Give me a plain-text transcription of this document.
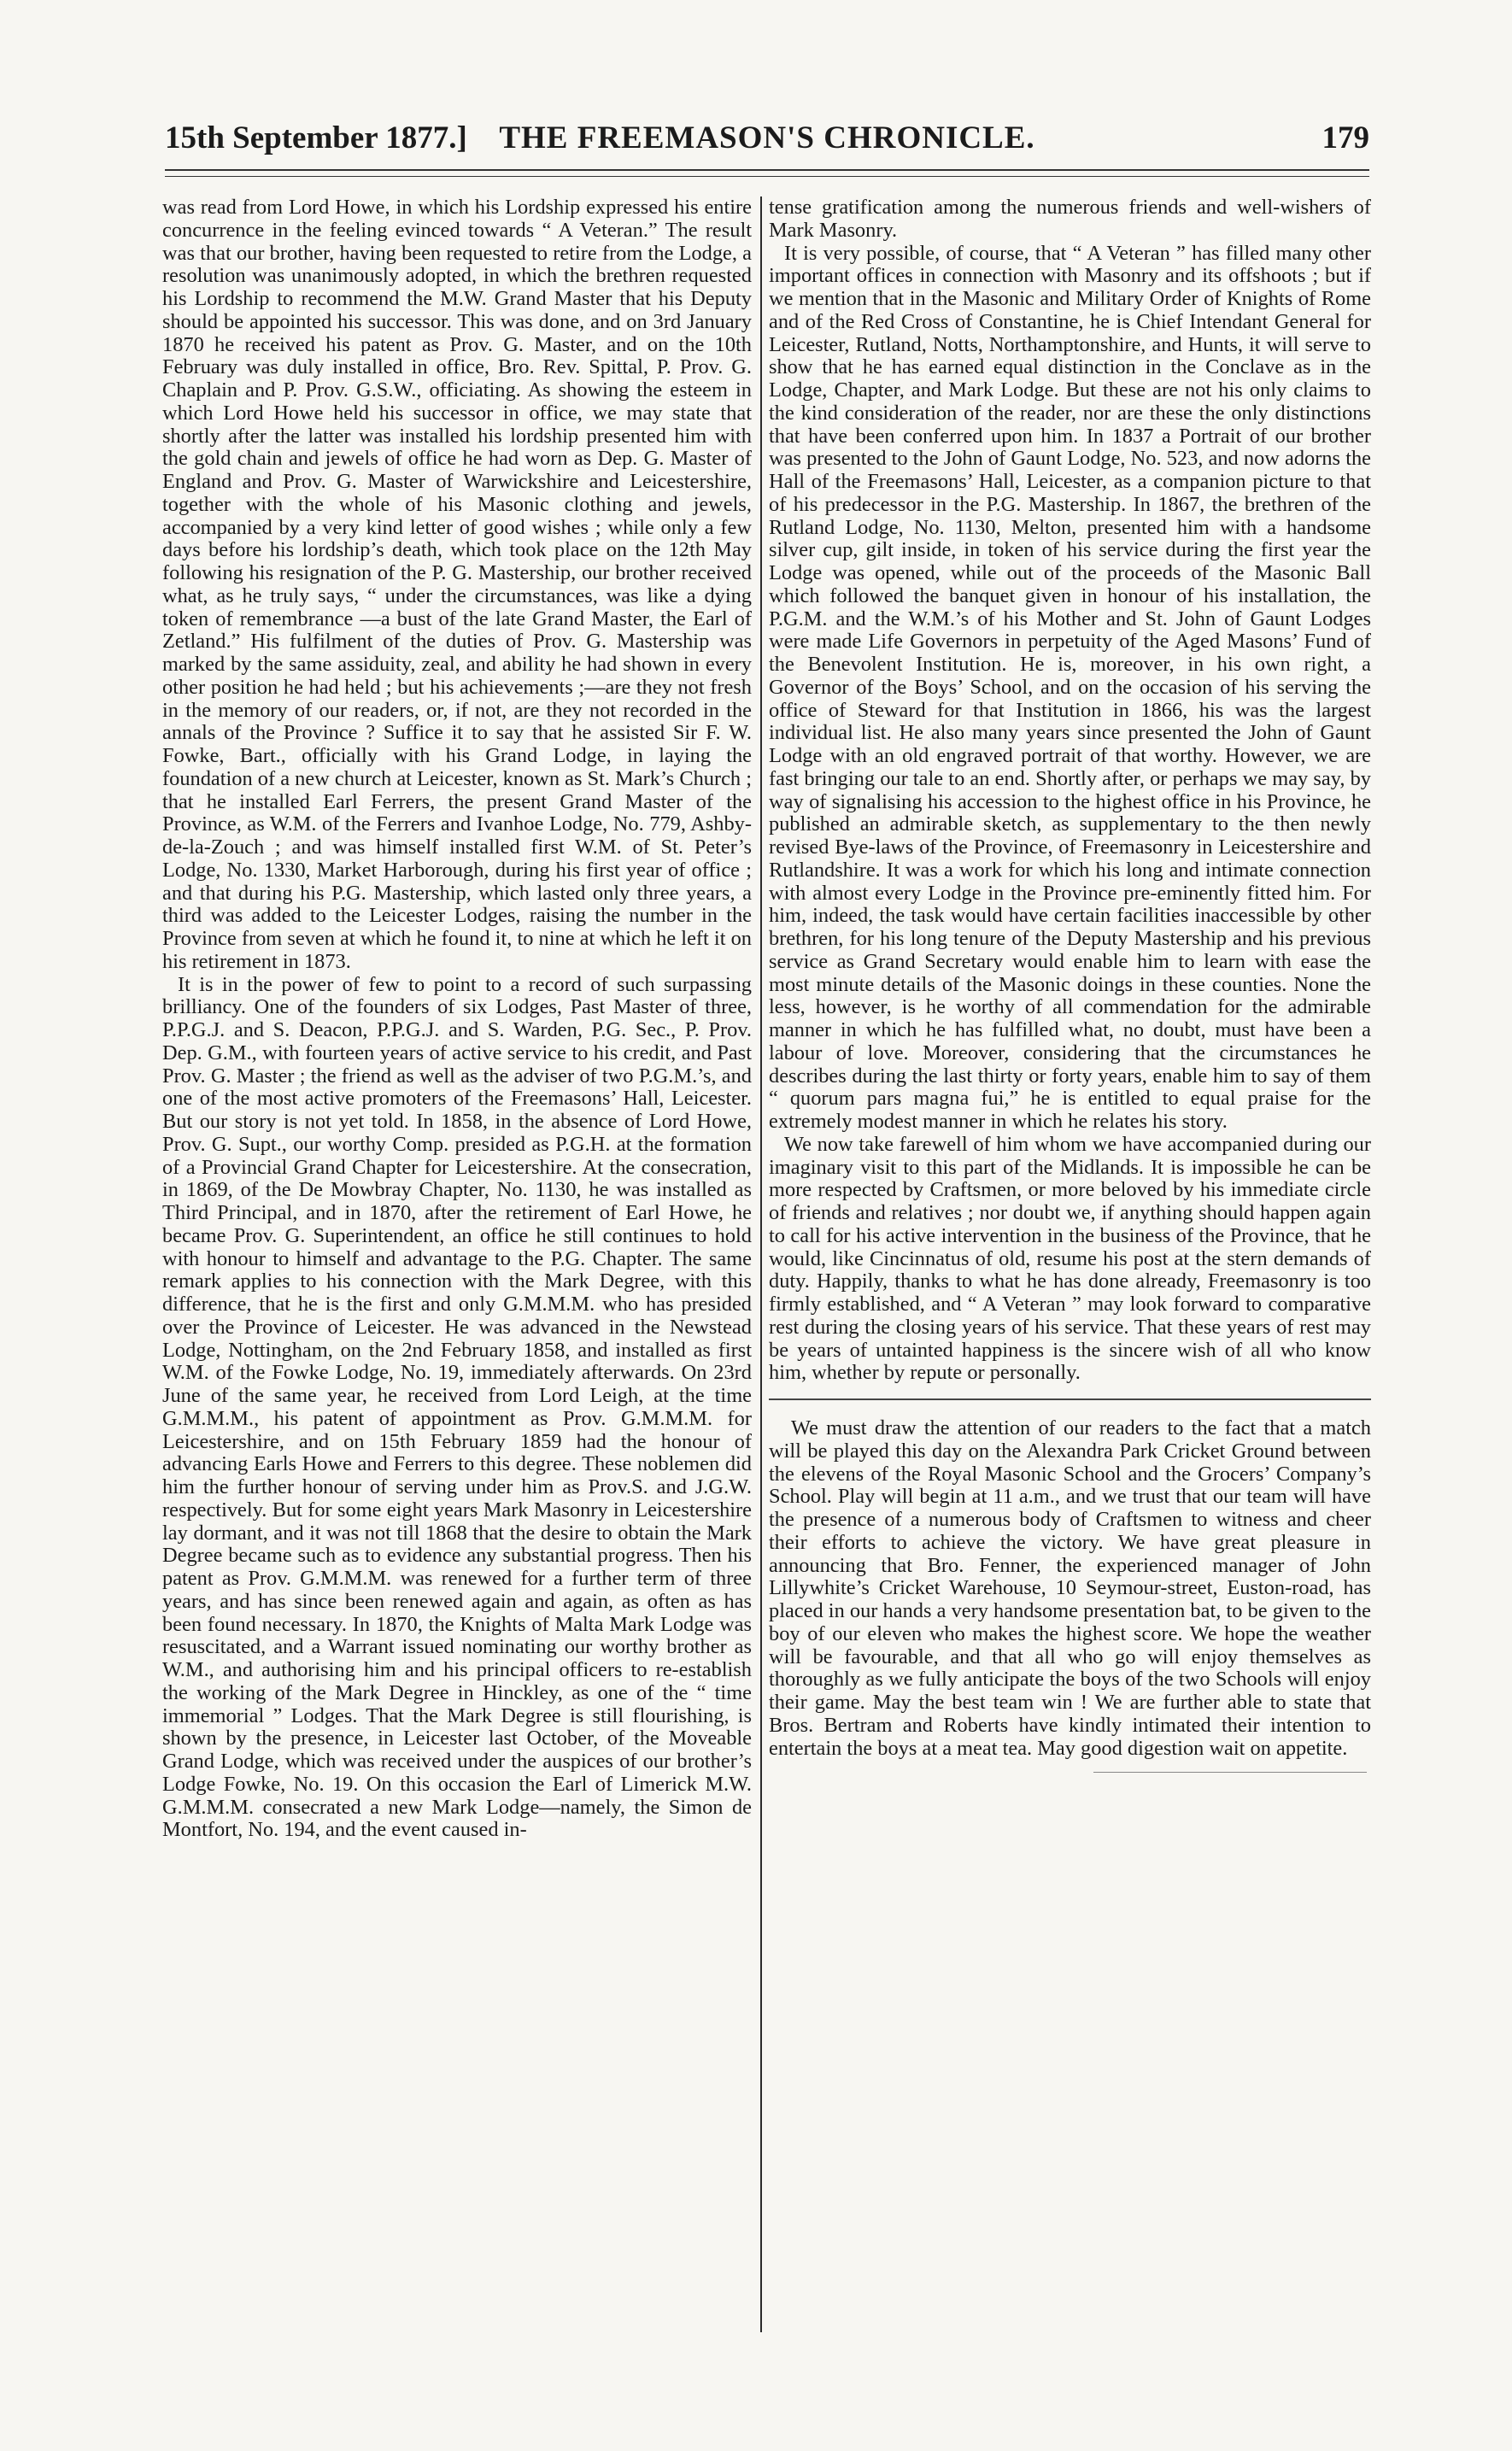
15th September 1877.]	THE FREEMASON'S CHRONICLE.	179

was read from Lord Howe, in which his Lordship expressed his entire concurrence in the feeling evinced towards “ A Veteran.” The result was that our brother, having been requested to retire from the Lodge, a resolution was unanimously adopted, in which the brethren requested his Lordship to recommend the M.W. Grand Master that his Deputy should be appointed his successor. This was done, and on 3rd January 1870 he received his patent as Prov. G. Master, and on the 10th February was duly installed in office, Bro. Rev. Spittal, P. Prov. G. Chaplain and P. Prov. G.S.W., officiating. As showing the esteem in which Lord Howe held his successor in office, we may state that shortly after the latter was installed his lordship presented him with the gold chain and jewels of office he had worn as Dep. G. Master of England and Prov. G. Master of Warwickshire and Leicestershire, together with the whole of his Masonic clothing and jewels, accompanied by a very kind letter of good wishes ; while only a few days before his lordship’s death, which took place on the 12th May following his resignation of the P. G. Mastership, our brother received what, as he truly says, “ under the circumstances, was like a dying token of remembrance —a bust of the late Grand Master, the Earl of Zetland.” His fulfilment of the duties of Prov. G. Mastership was marked by the same assiduity, zeal, and ability he had shown in every other position he had held ; but his achievements ;—are they not fresh in the memory of our readers, or, if not, are they not recorded in the annals of the Province ? Suffice it to say that he assisted Sir F. W. Fowke, Bart., officially with his Grand Lodge, in laying the foundation of a new church at Leicester, known as St. Mark’s Church ; that he installed Earl Ferrers, the present Grand Master of the Province, as W.M. of the Ferrers and Ivanhoe Lodge, No. 779, Ashby-de-la-Zouch ; and was himself installed first W.M. of St. Peter’s Lodge, No. 1330, Market Harborough, during his first year of office ; and that during his P.G. Mastership, which lasted only three years, a third was added to the Leicester Lodges, raising the number in the Province from seven at which he found it, to nine at which he left it on his retirement in 1873.

It is in the power of few to point to a record of such surpassing brilliancy. One of the founders of six Lodges, Past Master of three, P.P.G.J. and S. Deacon, P.P.G.J. and S. Warden, P.G. Sec., P. Prov. Dep. G.M., with fourteen years of active service to his credit, and Past Prov. G. Master ; the friend as well as the adviser of two P.G.M.’s, and one of the most active promoters of the Freemasons’ Hall, Leicester. But our story is not yet told. In 1858, in the absence of Lord Howe, Prov. G. Supt., our worthy Comp. presided as P.G.H. at the formation of a Provincial Grand Chapter for Leicestershire. At the consecration, in 1869, of the De Mowbray Chapter, No. 1130, he was installed as Third Principal, and in 1870, after the retirement of Earl Howe, he became Prov. G. Superintendent, an office he still continues to hold with honour to himself and advantage to the P.G. Chapter. The same remark applies to his connection with the Mark Degree, with this difference, that he is the first and only G.M.M.M. who has presided over the Province of Leicester. He was advanced in the Newstead Lodge, Nottingham, on the 2nd February 1858, and installed as first W.M. of the Fowke Lodge, No. 19, immediately afterwards. On 23rd June of the same year, he received from Lord Leigh, at the time G.M.M.M., his patent of appointment as Prov. G.M.M.M. for Leicestershire, and on 15th February 1859 had the honour of advancing Earls Howe and Ferrers to this degree. These noblemen did him the further honour of serving under him as Prov.S. and J.G.W. respectively. But for some eight years Mark Masonry in Leicestershire lay dormant, and it was not till 1868 that the desire to obtain the Mark Degree became such as to evidence any substantial progress. Then his patent as Prov. G.M.M.M. was renewed for a further term of three years, and has since been renewed again and again, as often as has been found necessary. In 1870, the Knights of Malta Mark Lodge was resuscitated, and a Warrant issued nominating our worthy brother as W.M., and authorising him and his principal officers to re-establish the working of the Mark Degree in Hinckley, as one of the “ time immemorial ” Lodges. That the Mark Degree is still flourishing, is shown by the presence, in Leicester last October, of the Moveable Grand Lodge, which was received under the auspices of our brother’s Lodge Fowke, No. 19. On this occasion the Earl of Limerick M.W. G.M.M.M. consecrated a new Mark Lodge—namely, the Simon de Montfort, No. 194, and the event caused in-

tense gratification among the numerous friends and well-wishers of Mark Masonry.

It is very possible, of course, that “ A Veteran ” has filled many other important offices in connection with Masonry and its offshoots ; but if we mention that in the Masonic and Military Order of Knights of Rome and of the Red Cross of Constantine, he is Chief Intendant General for Leicester, Rutland, Notts, Northamptonshire, and Hunts, it will serve to show that he has earned equal distinction in the Conclave as in the Lodge, Chapter, and Mark Lodge. But these are not his only claims to the kind consideration of the reader, nor are these the only distinctions that have been conferred upon him. In 1837 a Portrait of our brother was presented to the John of Gaunt Lodge, No. 523, and now adorns the Hall of the Freemasons’ Hall, Leicester, as a companion picture to that of his predecessor in the P.G. Mastership. In 1867, the brethren of the Rutland Lodge, No. 1130, Melton, presented him with a handsome silver cup, gilt inside, in token of his service during the first year the Lodge was opened, while out of the proceeds of the Masonic Ball which followed the banquet given in honour of his installation, the P.G.M. and the W.M.’s of his Mother and St. John of Gaunt Lodges were made Life Governors in perpetuity of the Aged Masons’ Fund of the Benevolent Institution. He is, moreover, in his own right, a Governor of the Boys’ School, and on the occasion of his serving the office of Steward for that Institution in 1866, his was the largest individual list. He also many years since presented the John of Gaunt Lodge with an old engraved portrait of that worthy. However, we are fast bringing our tale to an end. Shortly after, or perhaps we may say, by way of signalising his accession to the highest office in his Province, he published an admirable sketch, as supplementary to the then newly revised Bye-laws of the Province, of Freemasonry in Leicestershire and Rutlandshire. It was a work for which his long and intimate connection with almost every Lodge in the Province pre-eminently fitted him. For him, indeed, the task would have certain facilities inaccessible by other brethren, for his long tenure of the Deputy Mastership and his previous service as Grand Secretary would enable him to learn with ease the most minute details of the Masonic doings in these counties. None the less, however, is he worthy of all commendation for the admirable manner in which he has fulfilled what, no doubt, must have been a labour of love. Moreover, considering that the circumstances he describes during the last thirty or forty years, enable him to say of them “ quorum pars magna fui,” he is entitled to equal praise for the extremely modest manner in which he relates his story.

We now take farewell of him whom we have accompanied during our imaginary visit to this part of the Midlands. It is impossible he can be more respected by Craftsmen, or more beloved by his immediate circle of friends and relatives ; nor doubt we, if anything should happen again to call for his active intervention in the business of the Province, that he would, like Cincinnatus of old, resume his post at the stern demands of duty. Happily, thanks to what he has done already, Freemasonry is too firmly established, and “ A Veteran ” may look forward to comparative rest during the closing years of his service. That these years of rest may be years of untainted happiness is the sincere wish of all who know him, whether by repute or personally.

We must draw the attention of our readers to the fact that a match will be played this day on the Alexandra Park Cricket Ground between the elevens of the Royal Masonic School and the Grocers’ Company’s School. Play will begin at 11 a.m., and we trust that our team will have the presence of a numerous body of Craftsmen to witness and cheer their efforts to achieve the victory. We have great pleasure in announcing that Bro. Fenner, the experienced manager of John Lillywhite’s Cricket Warehouse, 10 Seymour-street, Euston-road, has placed in our hands a very handsome presentation bat, to be given to the boy of our eleven who makes the highest score. We hope the weather will be favourable, and that all who go will enjoy themselves as thoroughly as we fully anticipate the boys of the two Schools will enjoy their game. May the best team win ! We are further able to state that Bros. Bertram and Roberts have kindly intimated their intention to entertain the boys at a meat tea. May good digestion wait on appetite.
